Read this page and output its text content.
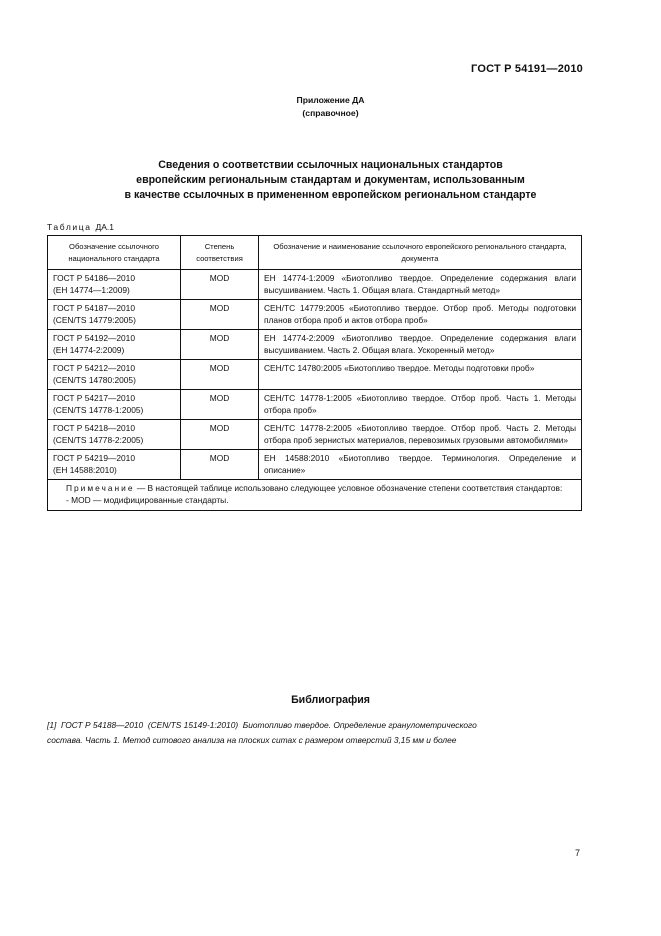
ГОСТ Р 54191—2010
Приложение ДА
(справочное)
Сведения о соответствии ссылочных национальных стандартов
европейским региональным стандартам и документам, использованным
в качестве ссылочных в примененном европейском региональном стандарте
Таблица ДА.1
Обозначение ссылочного национального стандарта	Степень соответствия	Обозначение и наименование ссылочного европейского регионального стандарта, документа

ГОСТ Р 54186—2010
(ЕН 14774—1:2009)	MOD	ЕН 14774-1:2009 «Биотопливо твердое. Определение содержания влаги высушиванием. Часть 1. Общая влага. Стандартный метод»

ГОСТ Р 54187—2010
(CEN/TS 14779:2005)	MOD	СЕН/ТС 14779:2005 «Биотопливо твердое. Отбор проб. Методы подготовки планов отбора проб и актов отбора проб»

ГОСТ Р 54192—2010
(ЕН 14774-2:2009)	MOD	ЕН 14774-2:2009 «Биотопливо твердое. Определение содержания влаги высушиванием. Часть 2. Общая влага. Ускоренный метод»

ГОСТ Р 54212—2010
(CEN/TS 14780:2005)	MOD	СЕН/ТС 14780:2005 «Биотопливо твердое. Методы подготовки проб»

ГОСТ Р 54217—2010
(CEN/TS 14778-1:2005)	MOD	СЕН/ТС 14778-1:2005 «Биотопливо твердое. Отбор проб. Часть 1. Методы отбора проб»

ГОСТ Р 54218—2010
(CEN/TS 14778-2:2005)	MOD	СЕН/ТС 14778-2:2005 «Биотопливо твердое. Отбор проб. Часть 2. Методы отбора проб зернистых материалов, перевозимых грузовыми автомобилями»

ГОСТ Р 54219—2010
(ЕН 14588:2010)	MOD	ЕН 14588:2010 «Биотопливо твердое. Терминология. Определение и описание»
Примечание — В настоящей таблице использовано следующее условное обозначение степени соответствия стандартов:
- MOD — модифицированные стандарты.		
Библиография
[1]  ГОСТ Р 54188—2010  (CEN/TS 15149-1:2010)  Биотопливо твердое. Определение гранулометрического
состава. Часть 1. Метод ситового анализа на плоских ситах с размером отверстий 3,15 мм и более
7
